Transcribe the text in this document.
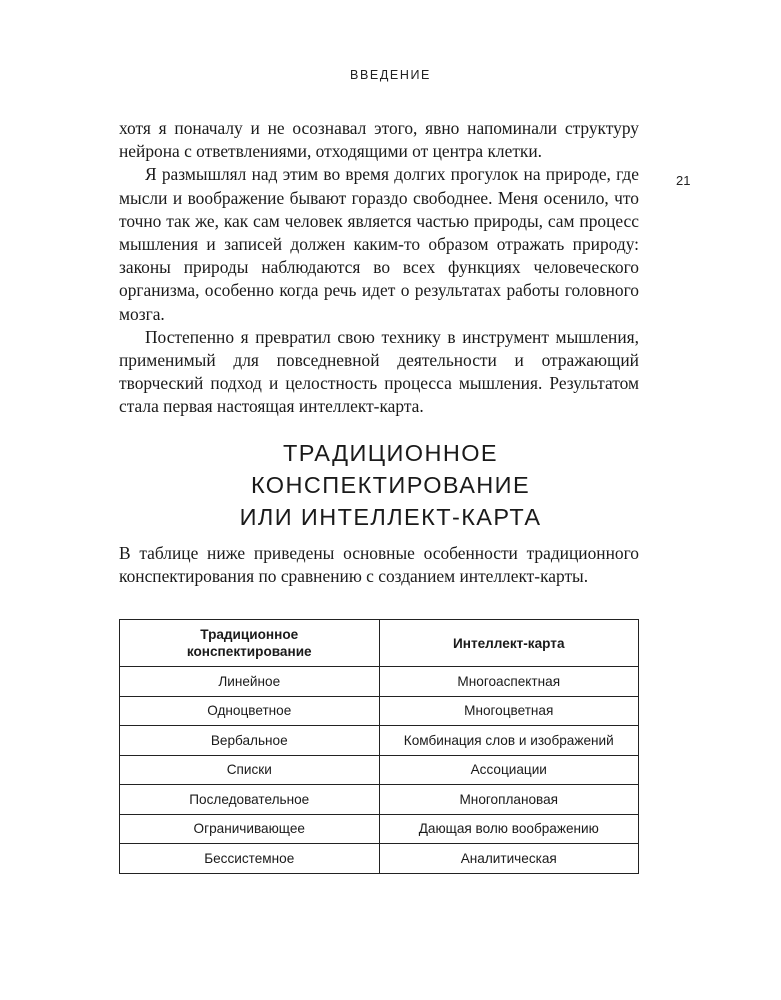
ВВЕДЕНИЕ
21

хотя я поначалу и не осознавал этого, явно напоминали структуру нейрона с ответвлениями, отходящими от центра клетки.

Я размышлял над этим во время долгих прогулок на природе, где мысли и воображение бывают гораздо свободнее. Меня осенило, что точно так же, как сам человек является частью природы, сам процесс мышления и записей должен каким-то образом отражать природу: законы природы наблюдаются во всех функциях человеческого организма, особенно когда речь идет о результатах работы головного мозга.

Постепенно я превратил свою технику в инструмент мышления, применимый для повседневной деятельности и отражающий творческий подход и целостность процесса мышления. Результатом стала первая настоящая интеллект-карта.

ТРАДИЦИОННОЕ
КОНСПЕКТИРОВАНИЕ
ИЛИ ИНТЕЛЛЕКТ-КАРТА

В таблице ниже приведены основные особенности традиционного конспектирования по сравнению с созданием интеллект-карты.

Традиционное
конспектирование	Интеллект-карта
Линейное	Многоаспектная
Одноцветное	Многоцветная
Вербальное	Комбинация слов и изображений
Списки	Ассоциации
Последовательное	Многоплановая
Ограничивающее	Дающая волю воображению
Бессистемное	Аналитическая
